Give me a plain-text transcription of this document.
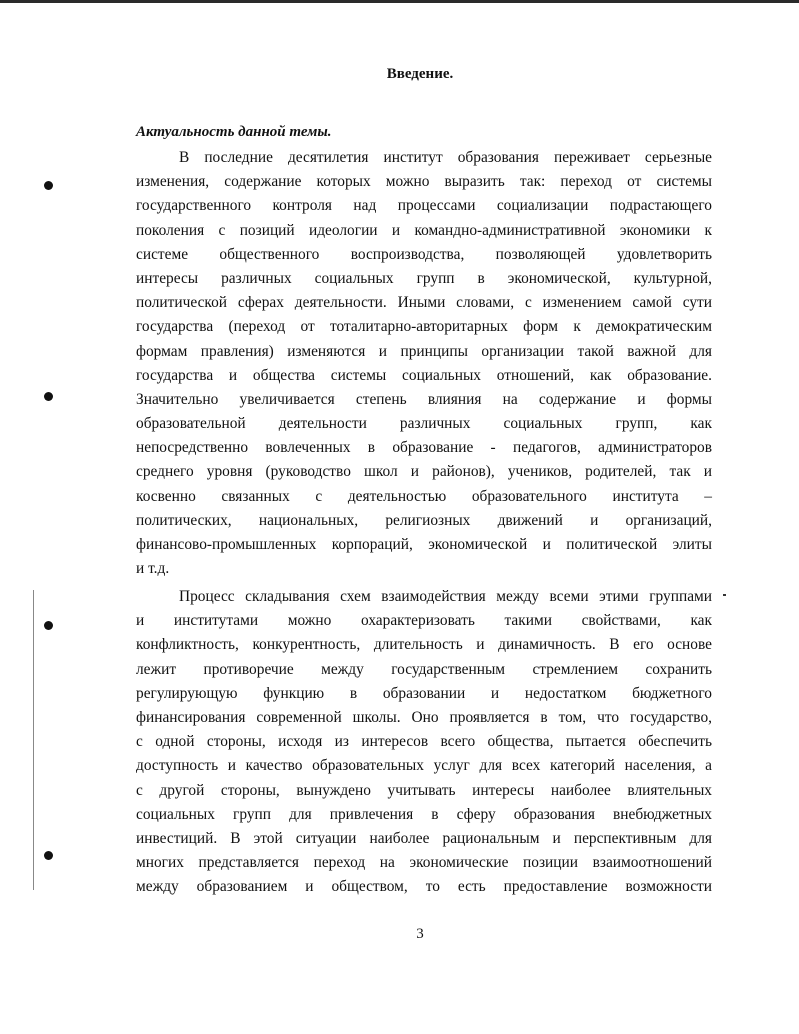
Введение.
Актуальность данной темы.
В последние десятилетия институт образования переживает серьезные
изменения, содержание которых можно выразить так: переход от системы
государственного контроля над процессами социализации подрастающего
поколения с позиций идеологии и командно-административной экономики к
системе общественного воспроизводства, позволяющей удовлетворить
интересы различных социальных групп в экономической, культурной,
политической сферах деятельности. Иными словами, с изменением самой сути
государства (переход от тоталитарно-авторитарных форм к демократическим
формам правления) изменяются и принципы организации такой важной для
государства и общества системы социальных отношений, как образование.
Значительно увеличивается степень влияния на содержание и формы
образовательной деятельности различных социальных групп, как
непосредственно вовлеченных в образование - педагогов, администраторов
среднего уровня (руководство школ и районов), учеников, родителей, так и
косвенно связанных с деятельностью образовательного института –
политических, национальных, религиозных движений и организаций,
финансово-промышленных корпораций, экономической и политической элиты
и т.д.
Процесс складывания схем взаимодействия между всеми этими группами
и институтами можно охарактеризовать такими свойствами, как
конфликтность, конкурентность, длительность и динамичность. В его основе
лежит противоречие между государственным стремлением сохранить
регулирующую функцию в образовании и недостатком бюджетного
финансирования современной школы. Оно проявляется в том, что государство,
с одной стороны, исходя из интересов всего общества, пытается обеспечить
доступность и качество образовательных услуг для всех категорий населения, а
с другой стороны, вынуждено учитывать интересы наиболее влиятельных
социальных групп для привлечения в сферу образования внебюджетных
инвестиций. В этой ситуации наиболее рациональным и перспективным для
многих представляется переход на экономические позиции взаимоотношений
между образованием и обществом, то есть предоставление возможности
3
